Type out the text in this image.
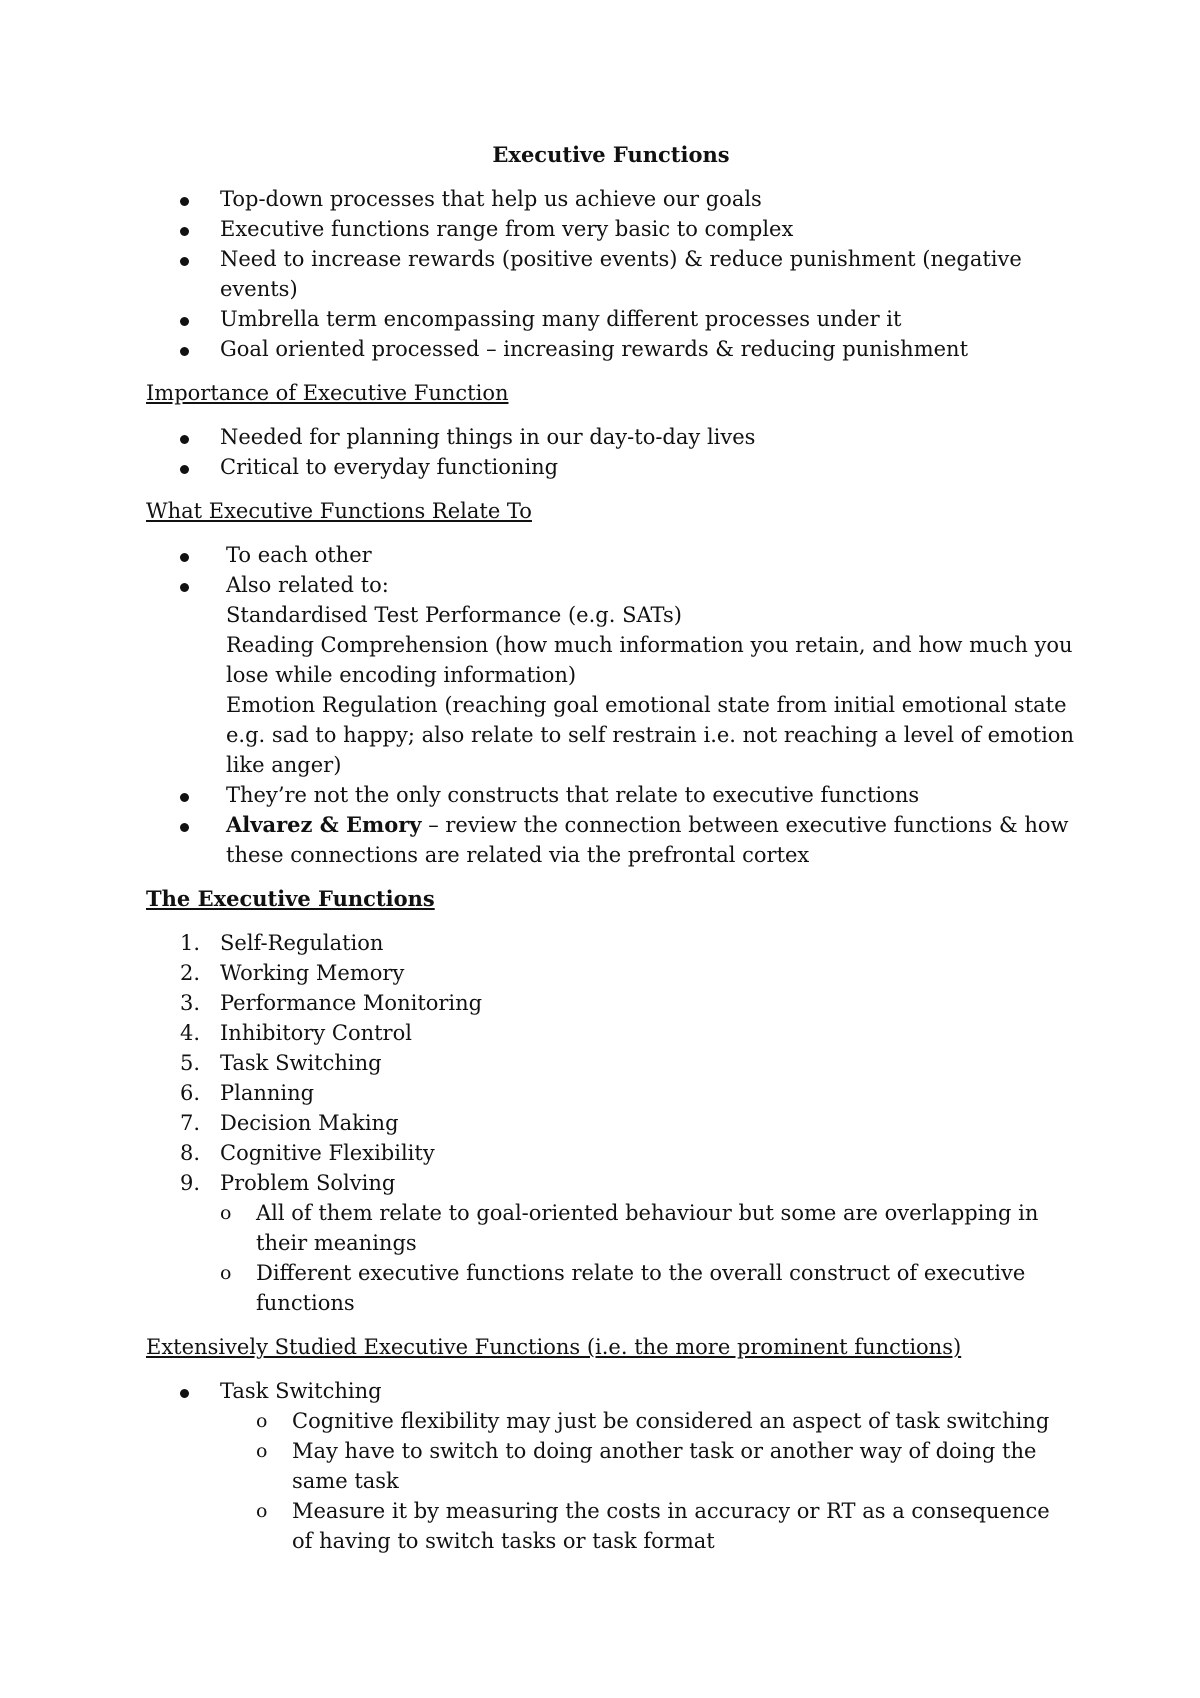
Executive Functions
Top-down processes that help us achieve our goals
Executive functions range from very basic to complex
Need to increase rewards (positive events) & reduce punishment (negative events)
Umbrella term encompassing many different processes under it
Goal oriented processed – increasing rewards & reducing punishment
Importance of Executive Function
Needed for planning things in our day-to-day lives
Critical to everyday functioning
What Executive Functions Relate To
To each other
Also related to:
Standardised Test Performance (e.g. SATs)
Reading Comprehension (how much information you retain, and how much you lose while encoding information)
Emotion Regulation (reaching goal emotional state from initial emotional state e.g. sad to happy; also relate to self restrain i.e. not reaching a level of emotion like anger)
They’re not the only constructs that relate to executive functions
Alvarez & Emory – review the connection between executive functions & how these connections are related via the prefrontal cortex
The Executive Functions
1. Self-Regulation
2. Working Memory
3. Performance Monitoring
4. Inhibitory Control
5. Task Switching
6. Planning
7. Decision Making
8. Cognitive Flexibility
9. Problem Solving
o All of them relate to goal-oriented behaviour but some are overlapping in their meanings
o Different executive functions relate to the overall construct of executive functions
Extensively Studied Executive Functions (i.e. the more prominent functions)
Task Switching
o Cognitive flexibility may just be considered an aspect of task switching
o May have to switch to doing another task or another way of doing the same task
o Measure it by measuring the costs in accuracy or RT as a consequence of having to switch tasks or task format
